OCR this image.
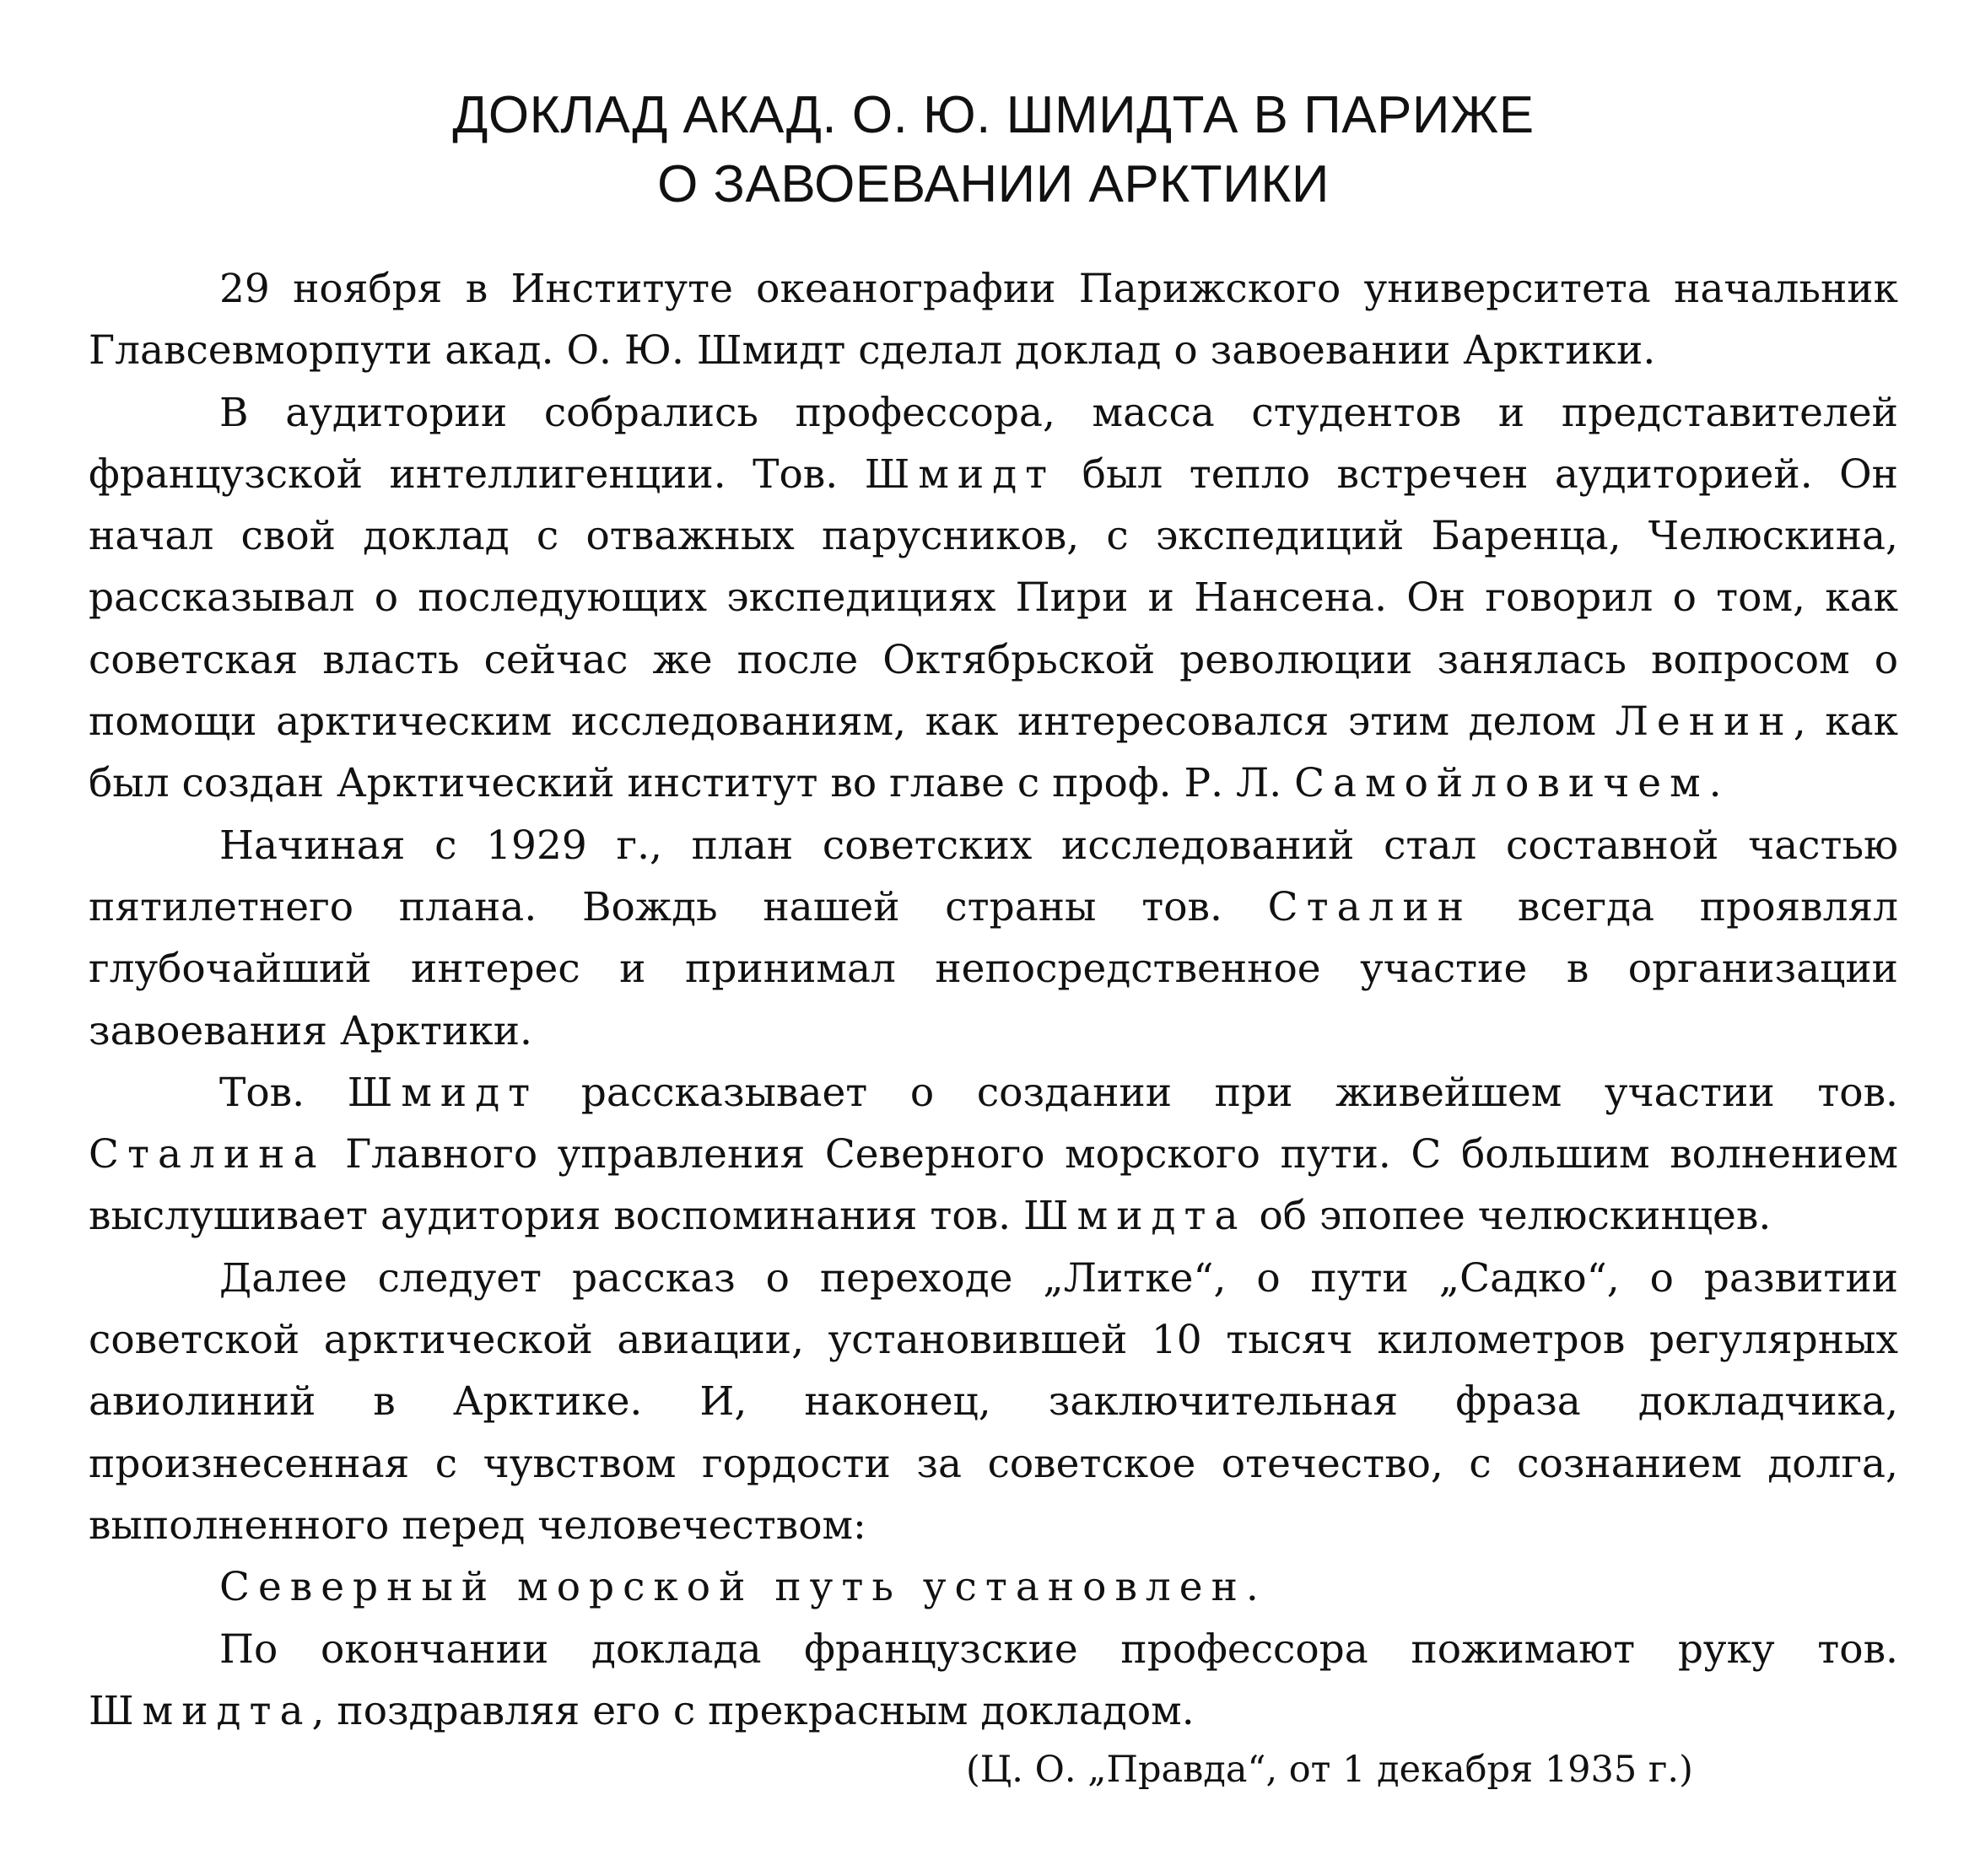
ДОКЛАД АКАД. О. Ю. ШМИДТА В ПАРИЖЕ
О ЗАВОЕВАНИИ АРКТИКИ

29 ноября в Институте океанографии Парижского университета начальник Главсевморпути акад. О. Ю. Шмидт сделал доклад о завоевании Арктики.

В аудитории собрались профессора, масса студентов и представителей французской интеллигенции. Тов. Шмидт был тепло встречен аудиторией. Он начал свой доклад с отважных парусников, с экспедиций Баренца, Челюскина, рассказывал о последующих экспедициях Пири и Нансена. Он говорил о том, как советская власть сейчас же после Октябрьской революции занялась вопросом о помощи арктическим исследованиям, как интересовался этим делом Ленин, как был создан Арктический институт во главе с проф. Р. Л. Самойловичем.

Начиная с 1929 г., план советских исследований стал составной частью пятилетнего плана. Вождь нашей страны тов. Сталин всегда проявлял глубочайший интерес и принимал непосредственное участие в организации завоевания Арктики.

Тов. Шмидт рассказывает о создании при живейшем участии тов. Сталина Главного управления Северного морского пути. С большим волнением выслушивает аудитория воспоминания тов. Шмидта об эпопее челюскинцев.

Далее следует рассказ о переходе „Литке“, о пути „Садко“, о развитии советской арктической авиации, установившей 10 тысяч километров регулярных авиолиний в Арктике. И, наконец, заключительная фраза докладчика, произнесенная с чувством гордости за советское отечество, с сознанием долга, выполненного перед человечеством:

Северный морской путь установлен.

По окончании доклада французские профессора пожимают руку тов. Шмидта, поздравляя его с прекрасным докладом.

(Ц. О. „Правда“, от 1 декабря 1935 г.)
